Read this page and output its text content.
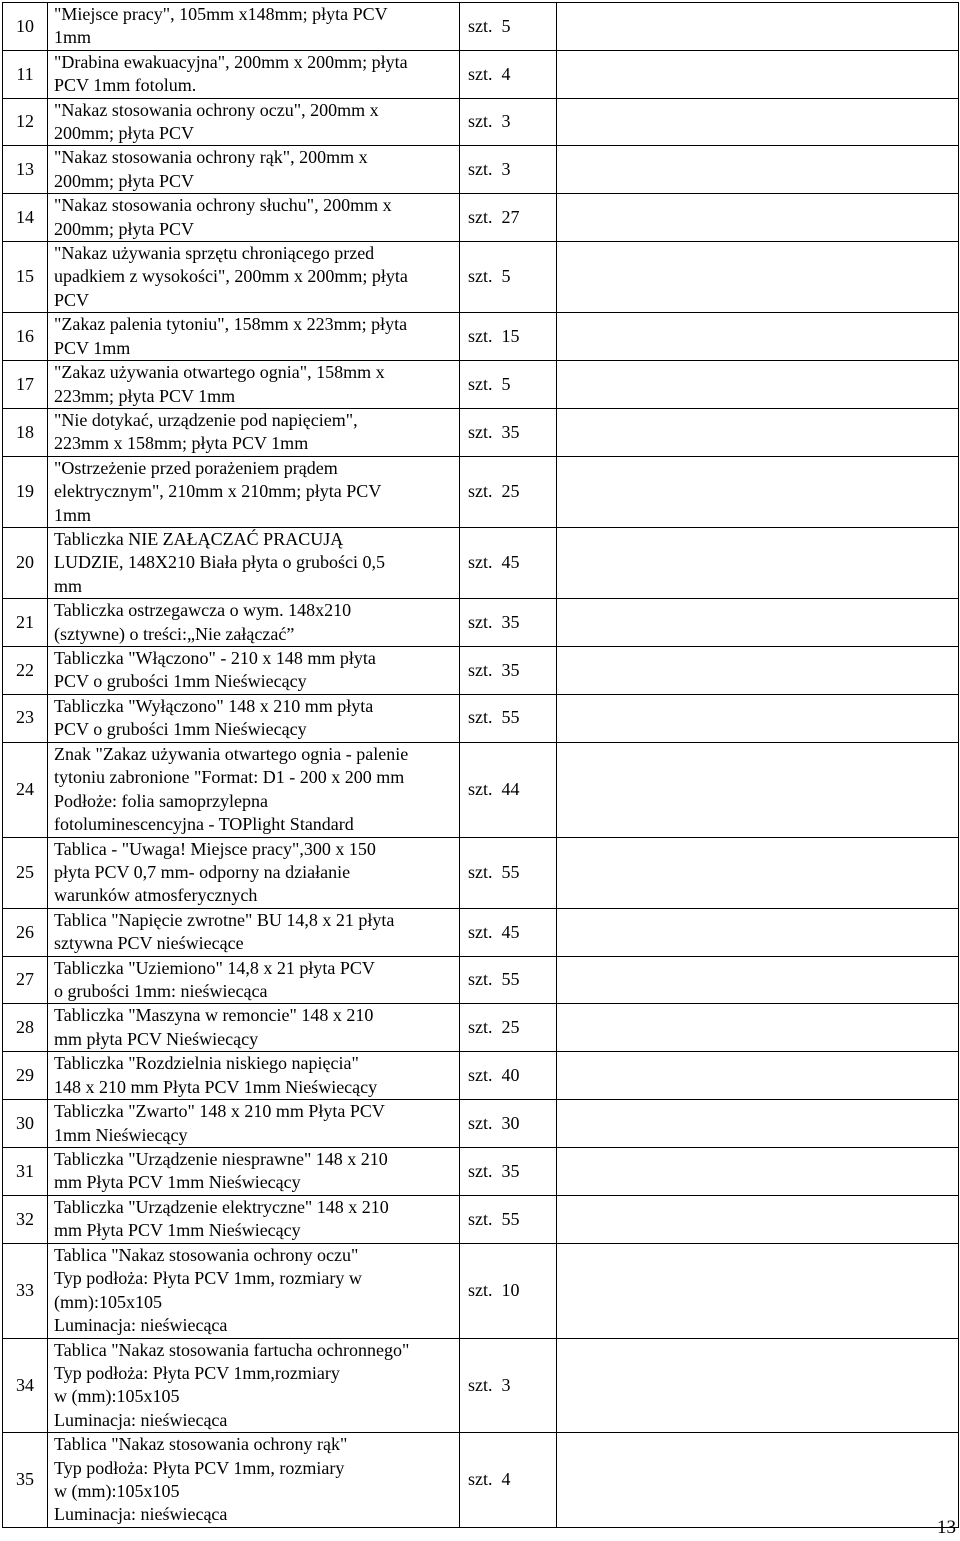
10	"Miejsce pracy", 105mm x148mm; płyta PCV
1mm	szt.  5	
11	"Drabina ewakuacyjna", 200mm x 200mm; płyta
PCV 1mm fotolum.	szt.  4	
12	"Nakaz stosowania ochrony oczu", 200mm x
200mm; płyta PCV	szt.  3	
13	"Nakaz stosowania ochrony rąk", 200mm x
200mm; płyta PCV	szt.  3	
14	"Nakaz stosowania ochrony słuchu", 200mm x
200mm; płyta PCV	szt.  27	
15	"Nakaz używania sprzętu chroniącego przed
upadkiem z wysokości", 200mm x 200mm; płyta
PCV	szt.  5	
16	"Zakaz palenia tytoniu", 158mm x 223mm; płyta
PCV 1mm	szt.  15	
17	"Zakaz używania otwartego ognia", 158mm x
223mm; płyta PCV 1mm	szt.  5	
18	"Nie dotykać, urządzenie pod napięciem",
223mm x 158mm; płyta PCV 1mm	szt.  35	
19	"Ostrzeżenie przed porażeniem prądem
elektrycznym", 210mm x 210mm; płyta PCV
1mm	szt.  25	
20	Tabliczka NIE ZAŁĄCZAĆ PRACUJĄ
LUDZIE, 148X210 Biała płyta o grubości 0,5
mm	szt.  45	
21	Tabliczka ostrzegawcza o wym. 148x210
(sztywne) o treści:„Nie załączać”	szt.  35	
22	Tabliczka "Włączono" - 210 x 148 mm płyta
PCV o grubości 1mm Nieświecący	szt.  35	
23	Tabliczka "Wyłączono" 148 x 210 mm płyta
PCV o grubości 1mm Nieświecący	szt.  55	
24	Znak "Zakaz używania otwartego ognia - palenie
tytoniu zabronione "Format: D1 - 200 x 200 mm
Podłoże: folia samoprzylepna
fotoluminescencyjna - TOPlight Standard	szt.  44	
25	Tablica - "Uwaga! Miejsce pracy",300 x 150
płyta PCV 0,7 mm- odporny na działanie
warunków atmosferycznych	szt.  55	
26	Tablica "Napięcie zwrotne" BU 14,8 x 21 płyta
sztywna PCV nieświecące	szt.  45	
27	Tabliczka "Uziemiono" 14,8 x 21 płyta PCV
o grubości 1mm: nieświecąca	szt.  55	
28	Tabliczka "Maszyna w remoncie" 148 x 210
mm płyta PCV Nieświecący	szt.  25	
29	Tabliczka "Rozdzielnia niskiego napięcia"
148 x 210 mm Płyta PCV 1mm Nieświecący	szt.  40	
30	Tabliczka "Zwarto" 148 x 210 mm Płyta PCV
1mm Nieświecący	szt.  30	
31	Tabliczka "Urządzenie niesprawne" 148 x 210
mm Płyta PCV 1mm Nieświecący	szt.  35	
32	Tabliczka "Urządzenie elektryczne" 148 x 210
mm Płyta PCV 1mm Nieświecący	szt.  55	
33	Tablica "Nakaz stosowania ochrony oczu"
Typ podłoża: Płyta PCV 1mm, rozmiary w
(mm):105x105
Luminacja: nieświecąca	szt.  10	
34	Tablica "Nakaz stosowania fartucha ochronnego"
Typ podłoża: Płyta PCV 1mm,rozmiary
w (mm):105x105
Luminacja: nieświecąca	szt.  3	
35	Tablica "Nakaz stosowania ochrony rąk"
Typ podłoża: Płyta PCV 1mm, rozmiary
w (mm):105x105
Luminacja: nieświecąca	szt.  4	
13
